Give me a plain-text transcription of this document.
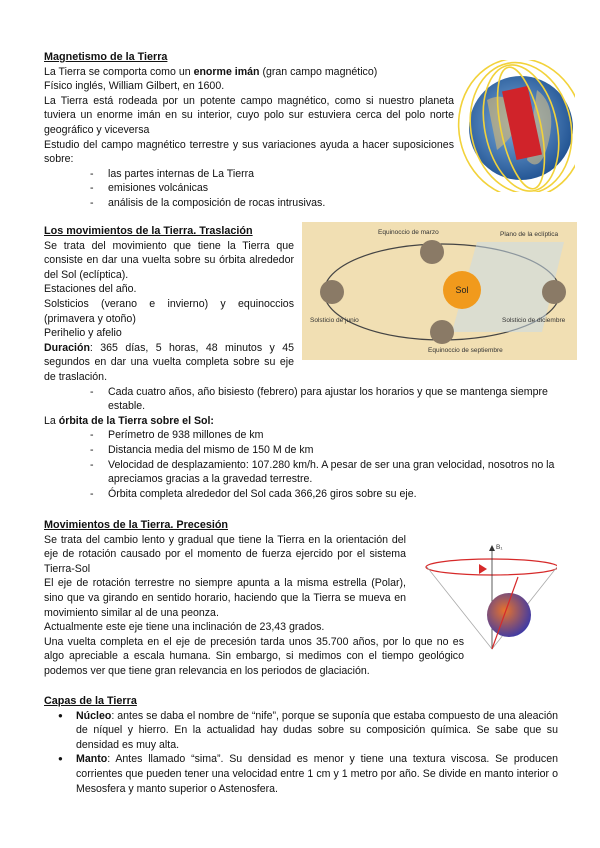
Magnetismo de la Tierra

La Tierra se comporta como un enorme imán (gran campo magnético)

Físico inglés, William Gilbert, en 1600.

La Tierra está rodeada por un potente campo magnético, como si nuestro planeta tuviera un enorme imán en su interior, cuyo polo sur estuviera cerca del polo norte geográfico y viceversa

Estudio del campo magnético terrestre y sus variaciones ayuda a hacer suposiciones sobre:

- las partes internas de La Tierra
- emisiones volcánicas
- análisis de la composición de rocas intrusivas.
Los movimientos de la Tierra. Traslación

Se trata del movimiento que tiene la Tierra que consiste en dar una vuelta sobre su órbita alrededor del Sol (eclíptica).

Estaciones del año.

Solsticios (verano e invierno) y equinoccios (primavera y otoño)

Perihelio y afelio

Duración: 365 días, 5 horas, 48 minutos y 45 segundos en dar una vuelta completa sobre su eje de traslación.

- Cada cuatro años, año bisiesto (febrero) para ajustar los horarios y que se mantenga siempre estable.

La órbita de la Tierra sobre el Sol:

- Perímetro de 938 millones de km
- Distancia media del mismo de 150 M de km
- Velocidad de desplazamiento: 107.280 km/h. A pesar de ser una gran velocidad, nosotros no la apreciamos gracias a la gravedad terrestre.
- Órbita completa alrededor del Sol cada 366,26 giros sobre su eje.
Movimientos de la Tierra. Precesión

Se trata del cambio lento y gradual que tiene la Tierra en la orientación del eje de rotación causado por el momento de fuerza ejercido por el sistema Tierra-Sol

El eje de rotación terrestre no siempre apunta a la misma estrella (Polar), sino que va girando en sentido horario, haciendo que la Tierra se mueva en movimiento similar al de una peonza.

Actualmente este eje tiene una inclinación de 23,43 grados.

Una vuelta completa en el eje de precesión tarda unos 35.700 años, por lo que no es algo apreciable a escala humana. Sin embargo, si medimos con el tiempo geológico podemos ver que tiene gran relevancia en los periodos de glaciación.

Capas de la Tierra
● Núcleo: antes se daba el nombre de “nife”, porque se suponía que estaba compuesto de una aleación de níquel y hierro. En la actualidad hay dudas sobre su composición química. Se sabe que su densidad es muy alta.
● Manto: Antes llamado “sima”. Su densidad es menor y tiene una textura viscosa. Se producen corrientes que pueden tener una velocidad entre 1 cm y 1 metro por año. Se divide en manto interior o Mesosfera y manto superior o Astenosfera.
Sol
Equinoccio de marzo	Plano de la eclíptica
Solsticio de junio	Solsticio de diciembre
Equinoccio de septiembre
B₁
